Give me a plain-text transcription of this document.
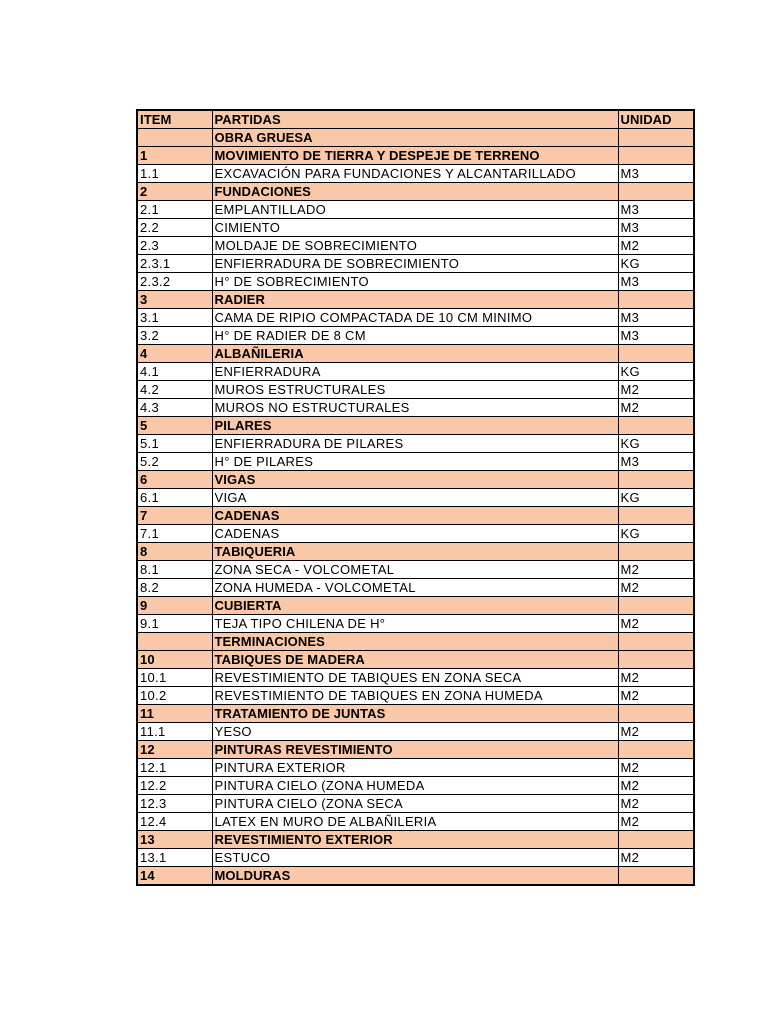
ITEM	PARTIDAS	UNIDAD
	OBRA GRUESA	
1	MOVIMIENTO DE TIERRA Y DESPEJE DE TERRENO	
1.1	EXCAVACIÓN PARA FUNDACIONES Y ALCANTARILLADO	M3
2	FUNDACIONES	
2.1	EMPLANTILLADO	M3
2.2	CIMIENTO	M3
2.3	MOLDAJE DE SOBRECIMIENTO	M2
2.3.1	ENFIERRADURA DE SOBRECIMIENTO	KG
2.3.2	H° DE SOBRECIMIENTO	M3
3	RADIER	
3.1	CAMA DE RIPIO COMPACTADA DE 10 CM MINIMO	M3
3.2	H° DE RADIER DE 8 CM	M3
4	ALBAÑILERIA	
4.1	ENFIERRADURA	KG
4.2	MUROS ESTRUCTURALES	M2
4.3	MUROS NO ESTRUCTURALES	M2
5	PILARES	
5.1	ENFIERRADURA DE PILARES	KG
5.2	H° DE PILARES	M3
6	VIGAS	
6.1	VIGA	KG
7	CADENAS	
7.1	CADENAS	KG
8	TABIQUERIA	
8.1	ZONA SECA - VOLCOMETAL	M2
8.2	ZONA HUMEDA - VOLCOMETAL	M2
9	CUBIERTA	
9.1	TEJA TIPO CHILENA DE H°	M2
	TERMINACIONES	
10	TABIQUES DE MADERA	
10.1	REVESTIMIENTO DE TABIQUES EN ZONA SECA	M2
10.2	REVESTIMIENTO DE TABIQUES EN ZONA HUMEDA	M2
11	TRATAMIENTO DE JUNTAS	
11.1	YESO	M2
12	PINTURAS REVESTIMIENTO	
12.1	PINTURA EXTERIOR	M2
12.2	PINTURA CIELO (ZONA HUMEDA	M2
12.3	PINTURA CIELO (ZONA SECA	M2
12.4	LATEX EN MURO DE ALBAÑILERIA	M2
13	REVESTIMIENTO EXTERIOR	
13.1	ESTUCO	M2
14	MOLDURAS	
